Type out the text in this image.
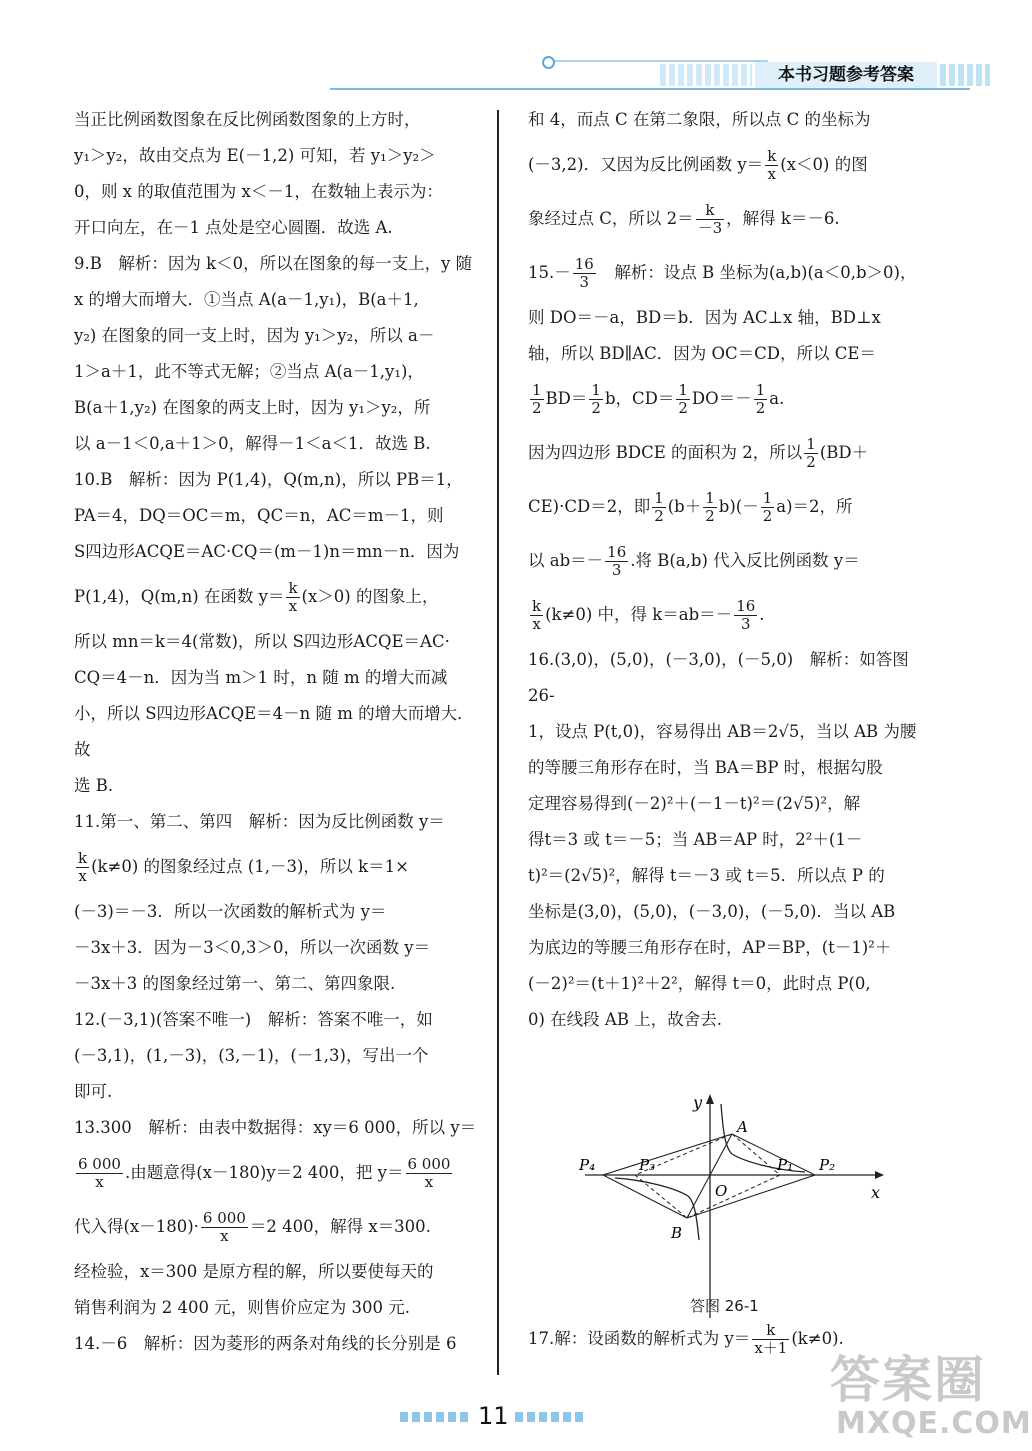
本书习题参考答案

当正比例函数图象在反比例函数图象的上方时，

y₁＞y₂，故由交点为 E(－1,2) 可知，若 y₁＞y₂＞

0，则 x 的取值范围为 x＜－1，在数轴上表示为：

开口向左，在－1 点处是空心圆圈．故选 A.

9.B　解析：因为 k＜0，所以在图象的每一支上，y 随

x 的增大而增大．①当点 A(a－1,y₁)，B(a＋1,

y₂) 在图象的同一支上时，因为 y₁＞y₂，所以 a－

1＞a＋1，此不等式无解；②当点 A(a－1,y₁)，

B(a＋1,y₂) 在图象的两支上时，因为 y₁＞y₂，所

以 a－1＜0,a＋1＞0，解得－1＜a＜1．故选 B.

10.B　解析：因为 P(1,4)，Q(m,n)，所以 PB＝1，

PA＝4，DQ＝OC＝m，QC＝n，AC＝m－1，则

S四边形ACQE＝AC·CQ＝(m－1)n＝mn－n．因为

P(1,4)，Q(m,n) 在函数 $y= \frac{k}{x} (x>0)$ 的图象上，

所以 mn＝k＝4(常数)，所以 S四边形ACQE＝AC·

CQ＝4－n．因为当 m＞1 时，n 随 m 的增大而减

小，所以 S四边形ACQE＝4－n 随 m 的增大而增大．故

选 B.

11.第一、第二、第四　解析：因为反比例函数 y＝

$\frac{k}{x} (k\ne 0)$ 的图象经过点 (1,－3)，所以 k＝1×

(－3)＝－3．所以一次函数的解析式为 y＝

－3x＋3．因为－3＜0,3＞0，所以一次函数 y＝

－3x＋3 的图象经过第一、第二、第四象限.

12.(－3,1)(答案不唯一)　解析：答案不唯一，如

(－3,1)，(1,－3)，(3,－1)，(－1,3)，写出一个

即可.

13.300　解析：由表中数据得：xy＝6 000，所以 y＝

$\frac{6 000}{x}$ .由题意得(x－180)y＝2 400，把 $y= \frac{6 000}{x}$

代入得$(x-180)\cdot \frac{6 000}{x} =2$ 400，解得 x＝300.

经检验，x＝300 是原方程的解，所以要使每天的

销售利润为 2 400 元，则售价应定为 300 元.

14.－6　解析：因为菱形的两条对角线的长分别是 6

和 4，而点 C 在第二象限，所以点 C 的坐标为

(－3,2)．又因为反比例函数 $y= \frac{k}{x} (x<0)$ 的图

象经过点 C，所以 $2= \frac{k}{-3}$ ，解得 k＝－6.

$15.- \frac{16}{3}$ 　解析：设点 B 坐标为(a,b)(a＜0,b＞0)，

则 DO＝－a，BD＝b．因为 AC⊥x 轴，BD⊥x

轴，所以 BD∥AC．因为 OC＝CD，所以 CE＝

$\frac{1}{2} BD= \frac{1}{2}$ b，$CD= \frac{1}{2} DO=- \frac{1}{2} a$.

因为四边形 BDCE 的面积为 2，所以 $\frac{1}{2} (BD+$

CE)·CD＝2，即 $\frac{1}{2} (b+ \frac{1}{2} b)(- \frac{1}{2} a)=2$，所

以 $ab=- \frac{16}{3}$ .将 B(a,b) 代入反比例函数 y＝

$\frac{k}{x} (k\ne 0)$ 中，得 $k=ab=- \frac{16}{3}$ .

16.(3,0)，(5,0)，(－3,0)，(－5,0)　解析：如答图 26-

1，设点 P(t,0)，容易得出 AB＝2√5，当以 AB 为腰

的等腰三角形存在时，当 BA＝BP 时，根据勾股

定理容易得到(－2)²＋(－1－t)²＝(2√5)²，解

得t＝3 或 t＝－5；当 AB＝AP 时，2²＋(1－

t)²＝(2√5)²，解得 t＝－3 或 t＝5．所以点 P 的

坐标是(3,0)，(5,0)，(－3,0)，(－5,0)．当以 AB

为底边的等腰三角形存在时，AP＝BP，(t－1)²＋

(－2)²＝(t＋1)²＋2²，解得 t＝0，此时点 P(0,

0) 在线段 AB 上，故舍去.

y
x
A
B
O
P₄	P₃	P₁ P₂
答图 26-1

17.解：设函数的解析式为 $y= \frac{k}{x+1} (k\ne 0)$.

11
答案圈
MXQE.COM
